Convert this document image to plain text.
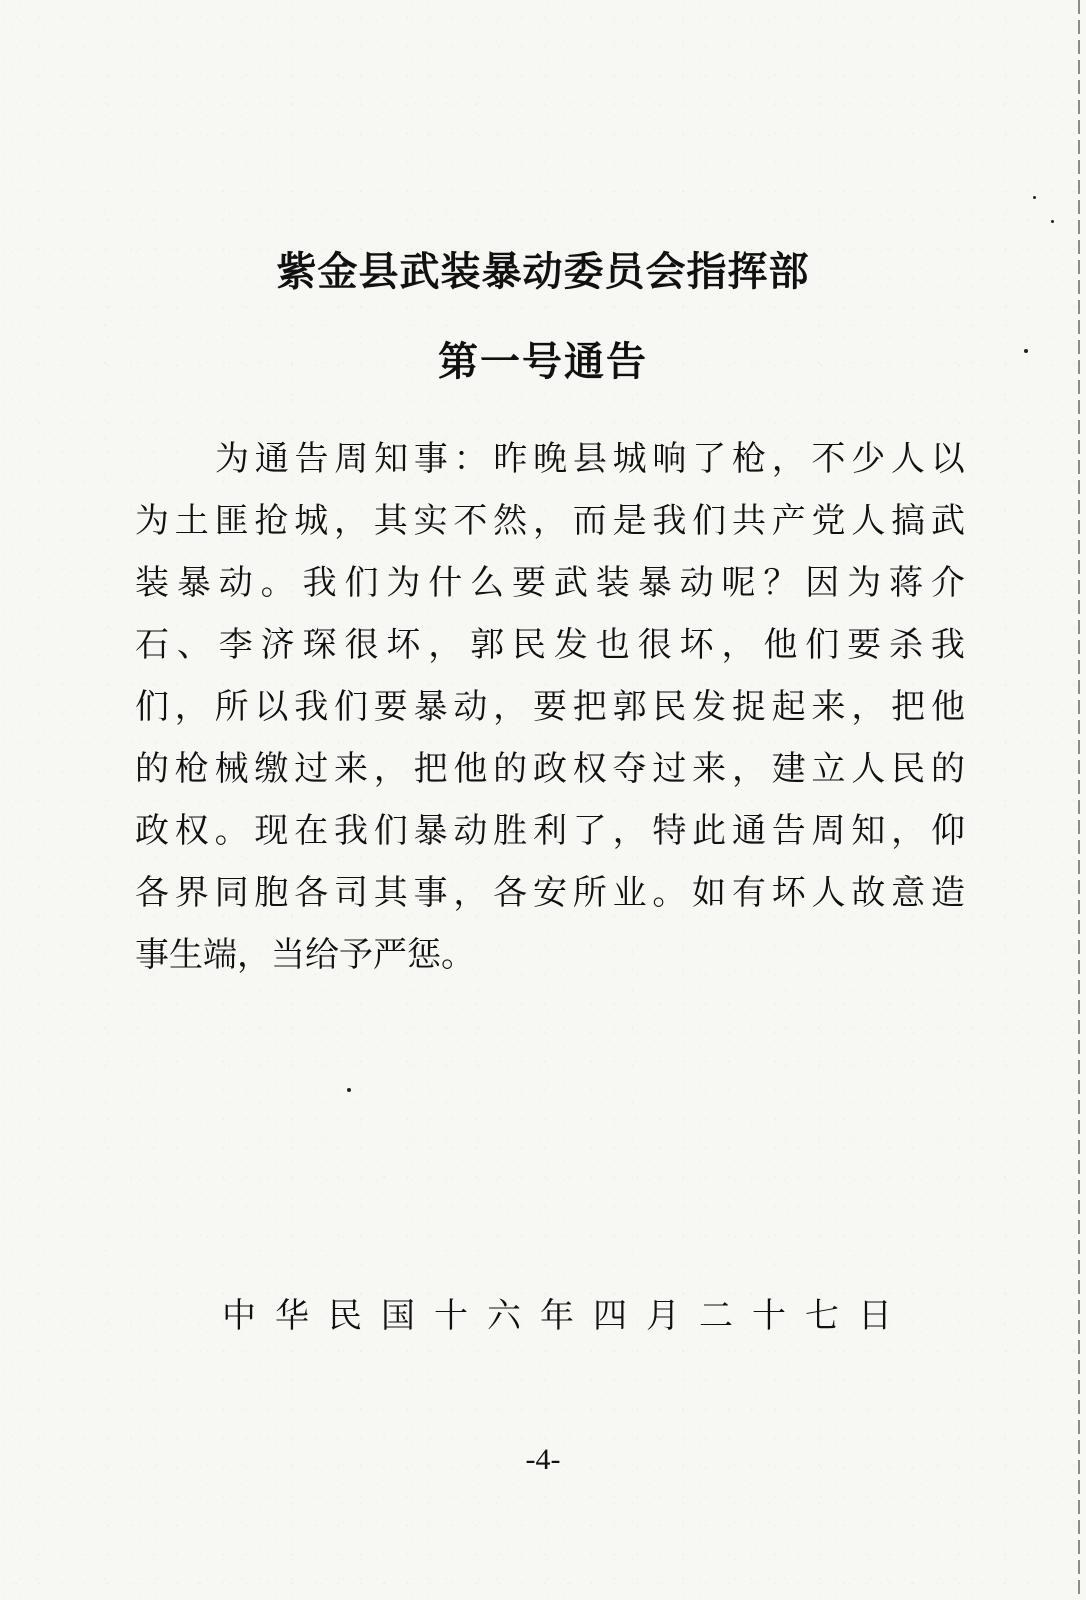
紫金县武装暴动委员会指挥部
第一号通告
为 通 告 周 知 事 ： 昨 晚 县 城 响 了 枪 ， 不 少 人 以
为 土 匪 抢 城 ， 其 实 不 然 ， 而 是 我 们 共 产 党 人 搞 武
装 暴 动 。 我 们 为 什 么 要 武 装 暴 动 呢 ？ 因 为 蒋 介
石 、 李 济 琛 很 坏 ， 郭 民 发 也 很 坏 ， 他 们 要 杀 我
们 ， 所 以 我 们 要 暴 动 ， 要 把 郭 民 发 捉 起 来 ， 把 他
的 枪 械 缴 过 来 ， 把 他 的 政 权 夺 过 来 ， 建 立 人 民 的
政 权 。 现 在 我 们 暴 动 胜 利 了 ， 特 此 通 告 周 知 ， 仰
各 界 同 胞 各 司 其 事 ， 各 安 所 业 。 如 有 坏 人 故 意 造
事生端，当给予严惩。
中 华 民 国 十 六 年 四 月 二 十 七 日
-4-
